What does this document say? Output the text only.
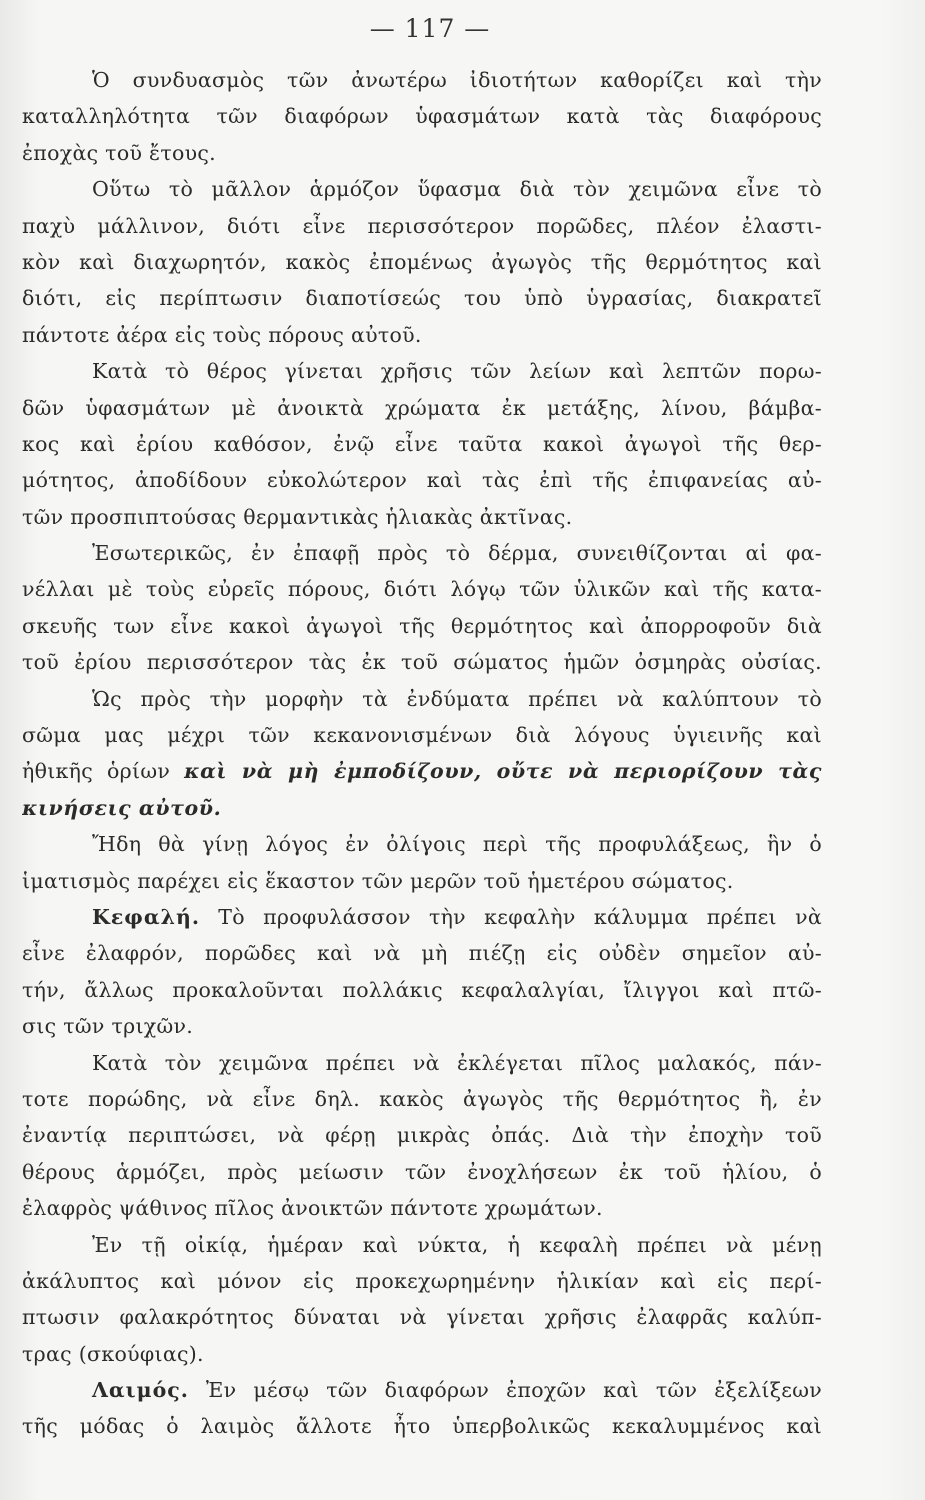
— 117 —
Ὁ συνδυασμὸς τῶν ἀνωτέρω ἰδιοτήτων καθορίζει καὶ τὴν
καταλληλότητα τῶν διαφόρων ὑφασμάτων κατὰ τὰς διαφόρους
ἐποχὰς τοῦ ἔτους.
Οὕτω τὸ μᾶλλον ἁρμόζον ὕφασμα διὰ τὸν χειμῶνα εἶνε τὸ
παχὺ μάλλινον, διότι εἶνε περισσότερον πορῶδες, πλέον ἐλαστι-
κὸν καὶ διαχωρητόν, κακὸς ἐπομένως ἀγωγὸς τῆς θερμότητος καὶ
διότι, εἰς περίπτωσιν διαποτίσεώς του ὑπὸ ὑγρασίας, διακρατεῖ
πάντοτε ἀέρα εἰς τοὺς πόρους αὐτοῦ.
Κατὰ τὸ θέρος γίνεται χρῆσις τῶν λείων καὶ λεπτῶν πορω-
δῶν ὑφασμάτων μὲ ἀνοικτὰ χρώματα ἐκ μετάξης, λίνου, βάμβα-
κος καὶ ἐρίου καθόσον, ἐνῷ εἶνε ταῦτα κακοὶ ἀγωγοὶ τῆς θερ-
μότητος, ἀποδίδουν εὐκολώτερον καὶ τὰς ἐπὶ τῆς ἐπιφανείας αὐ-
τῶν προσπιπτούσας θερμαντικὰς ἡλιακὰς ἀκτῖνας.
Ἐσωτερικῶς, ἐν ἐπαφῇ πρὸς τὸ δέρμα, συνειθίζονται αἱ φα-
νέλλαι μὲ τοὺς εὐρεῖς πόρους, διότι λόγῳ τῶν ὑλικῶν καὶ τῆς κατα-
σκευῆς των εἶνε κακοὶ ἀγωγοὶ τῆς θερμότητος καὶ ἀπορροφοῦν διὰ
τοῦ ἐρίου περισσότερον τὰς ἐκ τοῦ σώματος ἡμῶν ὀσμηρὰς οὐσίας.
Ὡς πρὸς τὴν μορφὴν τὰ ἐνδύματα πρέπει νὰ καλύπτουν τὸ
σῶμα μας μέχρι τῶν κεκανονισμένων διὰ λόγους ὑγιεινῆς καὶ
ἠθικῆς ὁρίων καὶ νὰ μὴ ἐμποδίζουν, οὔτε νὰ περιορίζουν τὰς
κινήσεις αὐτοῦ.
Ἤδη θὰ γίνῃ λόγος ἐν ὀλίγοις περὶ τῆς προφυλάξεως, ἣν ὁ
ἱματισμὸς παρέχει εἰς ἕκαστον τῶν μερῶν τοῦ ἡμετέρου σώματος.
Κεφαλή. Τὸ προφυλάσσον τὴν κεφαλὴν κάλυμμα πρέπει νὰ
εἶνε ἐλαφρόν, πορῶδες καὶ νὰ μὴ πιέζῃ εἰς οὐδὲν σημεῖον αὐ-
τήν, ἄλλως προκαλοῦνται πολλάκις κεφαλαλγίαι, ἴλιγγοι καὶ πτῶ-
σις τῶν τριχῶν.
Κατὰ τὸν χειμῶνα πρέπει νὰ ἐκλέγεται πῖλος μαλακός, πάν-
τοτε πορώδης, νὰ εἶνε δηλ. κακὸς ἀγωγὸς τῆς θερμότητος ἢ, ἐν
ἐναντίᾳ περιπτώσει, νὰ φέρῃ μικρὰς ὀπάς. Διὰ τὴν ἐποχὴν τοῦ
θέρους ἁρμόζει, πρὸς μείωσιν τῶν ἐνοχλήσεων ἐκ τοῦ ἡλίου, ὁ
ἐλαφρὸς ψάθινος πῖλος ἀνοικτῶν πάντοτε χρωμάτων.
Ἐν τῇ οἰκίᾳ, ἡμέραν καὶ νύκτα, ἡ κεφαλὴ πρέπει νὰ μένῃ
ἀκάλυπτος καὶ μόνον εἰς προκεχωρημένην ἡλικίαν καὶ εἰς περί-
πτωσιν φαλακρότητος δύναται νὰ γίνεται χρῆσις ἐλαφρᾶς καλύπ-
τρας (σκούφιας).
Λαιμός. Ἐν μέσῳ τῶν διαφόρων ἐποχῶν καὶ τῶν ἐξελίξεων
τῆς μόδας ὁ λαιμὸς ἄλλοτε ἦτο ὑπερβολικῶς κεκαλυμμένος καὶ
